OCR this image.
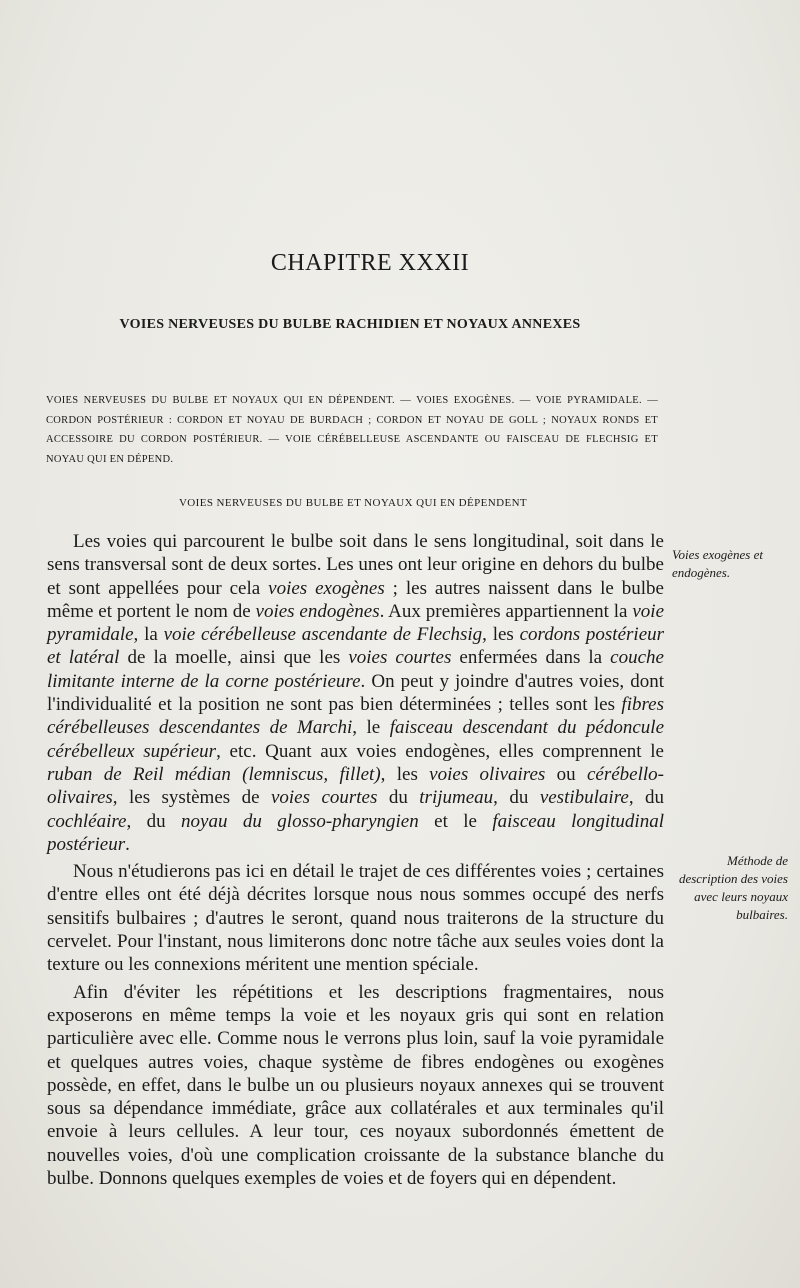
CHAPITRE XXXII
VOIES NERVEUSES DU BULBE RACHIDIEN ET NOYAUX ANNEXES
VOIES NERVEUSES DU BULBE ET NOYAUX QUI EN DÉPENDENT. — VOIES EXOGÈNES. — VOIE PYRAMIDALE. — CORDON POSTÉRIEUR : CORDON ET NOYAU DE BURDACH ; CORDON ET NOYAU DE GOLL ; NOYAUX RONDS ET ACCESSOIRE DU CORDON POSTÉRIEUR. — VOIE CÉRÉBELLEUSE ASCENDANTE OU FAISCEAU DE FLECHSIG ET NOYAU QUI EN DÉPEND.
VOIES NERVEUSES DU BULBE ET NOYAUX QUI EN DÉPENDENT

Les voies qui parcourent le bulbe soit dans le sens longitudinal, soit dans le sens transversal sont de deux sortes. Les unes ont leur origine en dehors du bulbe et sont appellées pour cela voies exogènes ; les autres naissent dans le bulbe même et portent le nom de voies endogènes. Aux premières appartiennent la voie pyramidale, la voie cérébelleuse ascendante de Flechsig, les cordons postérieur et latéral de la moelle, ainsi que les voies courtes enfermées dans la couche limitante interne de la corne postérieure. On peut y joindre d'autres voies, dont l'individualité et la position ne sont pas bien déterminées ; telles sont les fibres cérébelleuses descendantes de Marchi, le faisceau descendant du pédoncule cérébelleux supérieur, etc. Quant aux voies endogènes, elles comprennent le ruban de Reil médian (lemniscus, fillet), les voies olivaires ou cérébello-olivaires, les systèmes de voies courtes du trijumeau, du vestibulaire, du cochléaire, du noyau du glosso-pharyngien et le faisceau longitudinal postérieur.

Nous n'étudierons pas ici en détail le trajet de ces différentes voies ; certaines d'entre elles ont été déjà décrites lorsque nous nous sommes occupé des nerfs sensitifs bulbaires ; d'autres le seront, quand nous traiterons de la structure du cervelet. Pour l'instant, nous limiterons donc notre tâche aux seules voies dont la texture ou les connexions méritent une mention spéciale.

Afin d'éviter les répétitions et les descriptions fragmentaires, nous exposerons en même temps la voie et les noyaux gris qui sont en relation particulière avec elle. Comme nous le verrons plus loin, sauf la voie pyramidale et quelques autres voies, chaque système de fibres endogènes ou exogènes possède, en effet, dans le bulbe un ou plusieurs noyaux annexes qui se trouvent sous sa dépendance immédiate, grâce aux collatérales et aux terminales qu'il envoie à leurs cellules. A leur tour, ces noyaux subordonnés émettent de nouvelles voies, d'où une complication croissante de la substance blanche du bulbe. Donnons quelques exemples de voies et de foyers qui en dépendent.

Voies exogènes et endogènes.
Méthode de description des voies avec leurs noyaux bulbaires.
